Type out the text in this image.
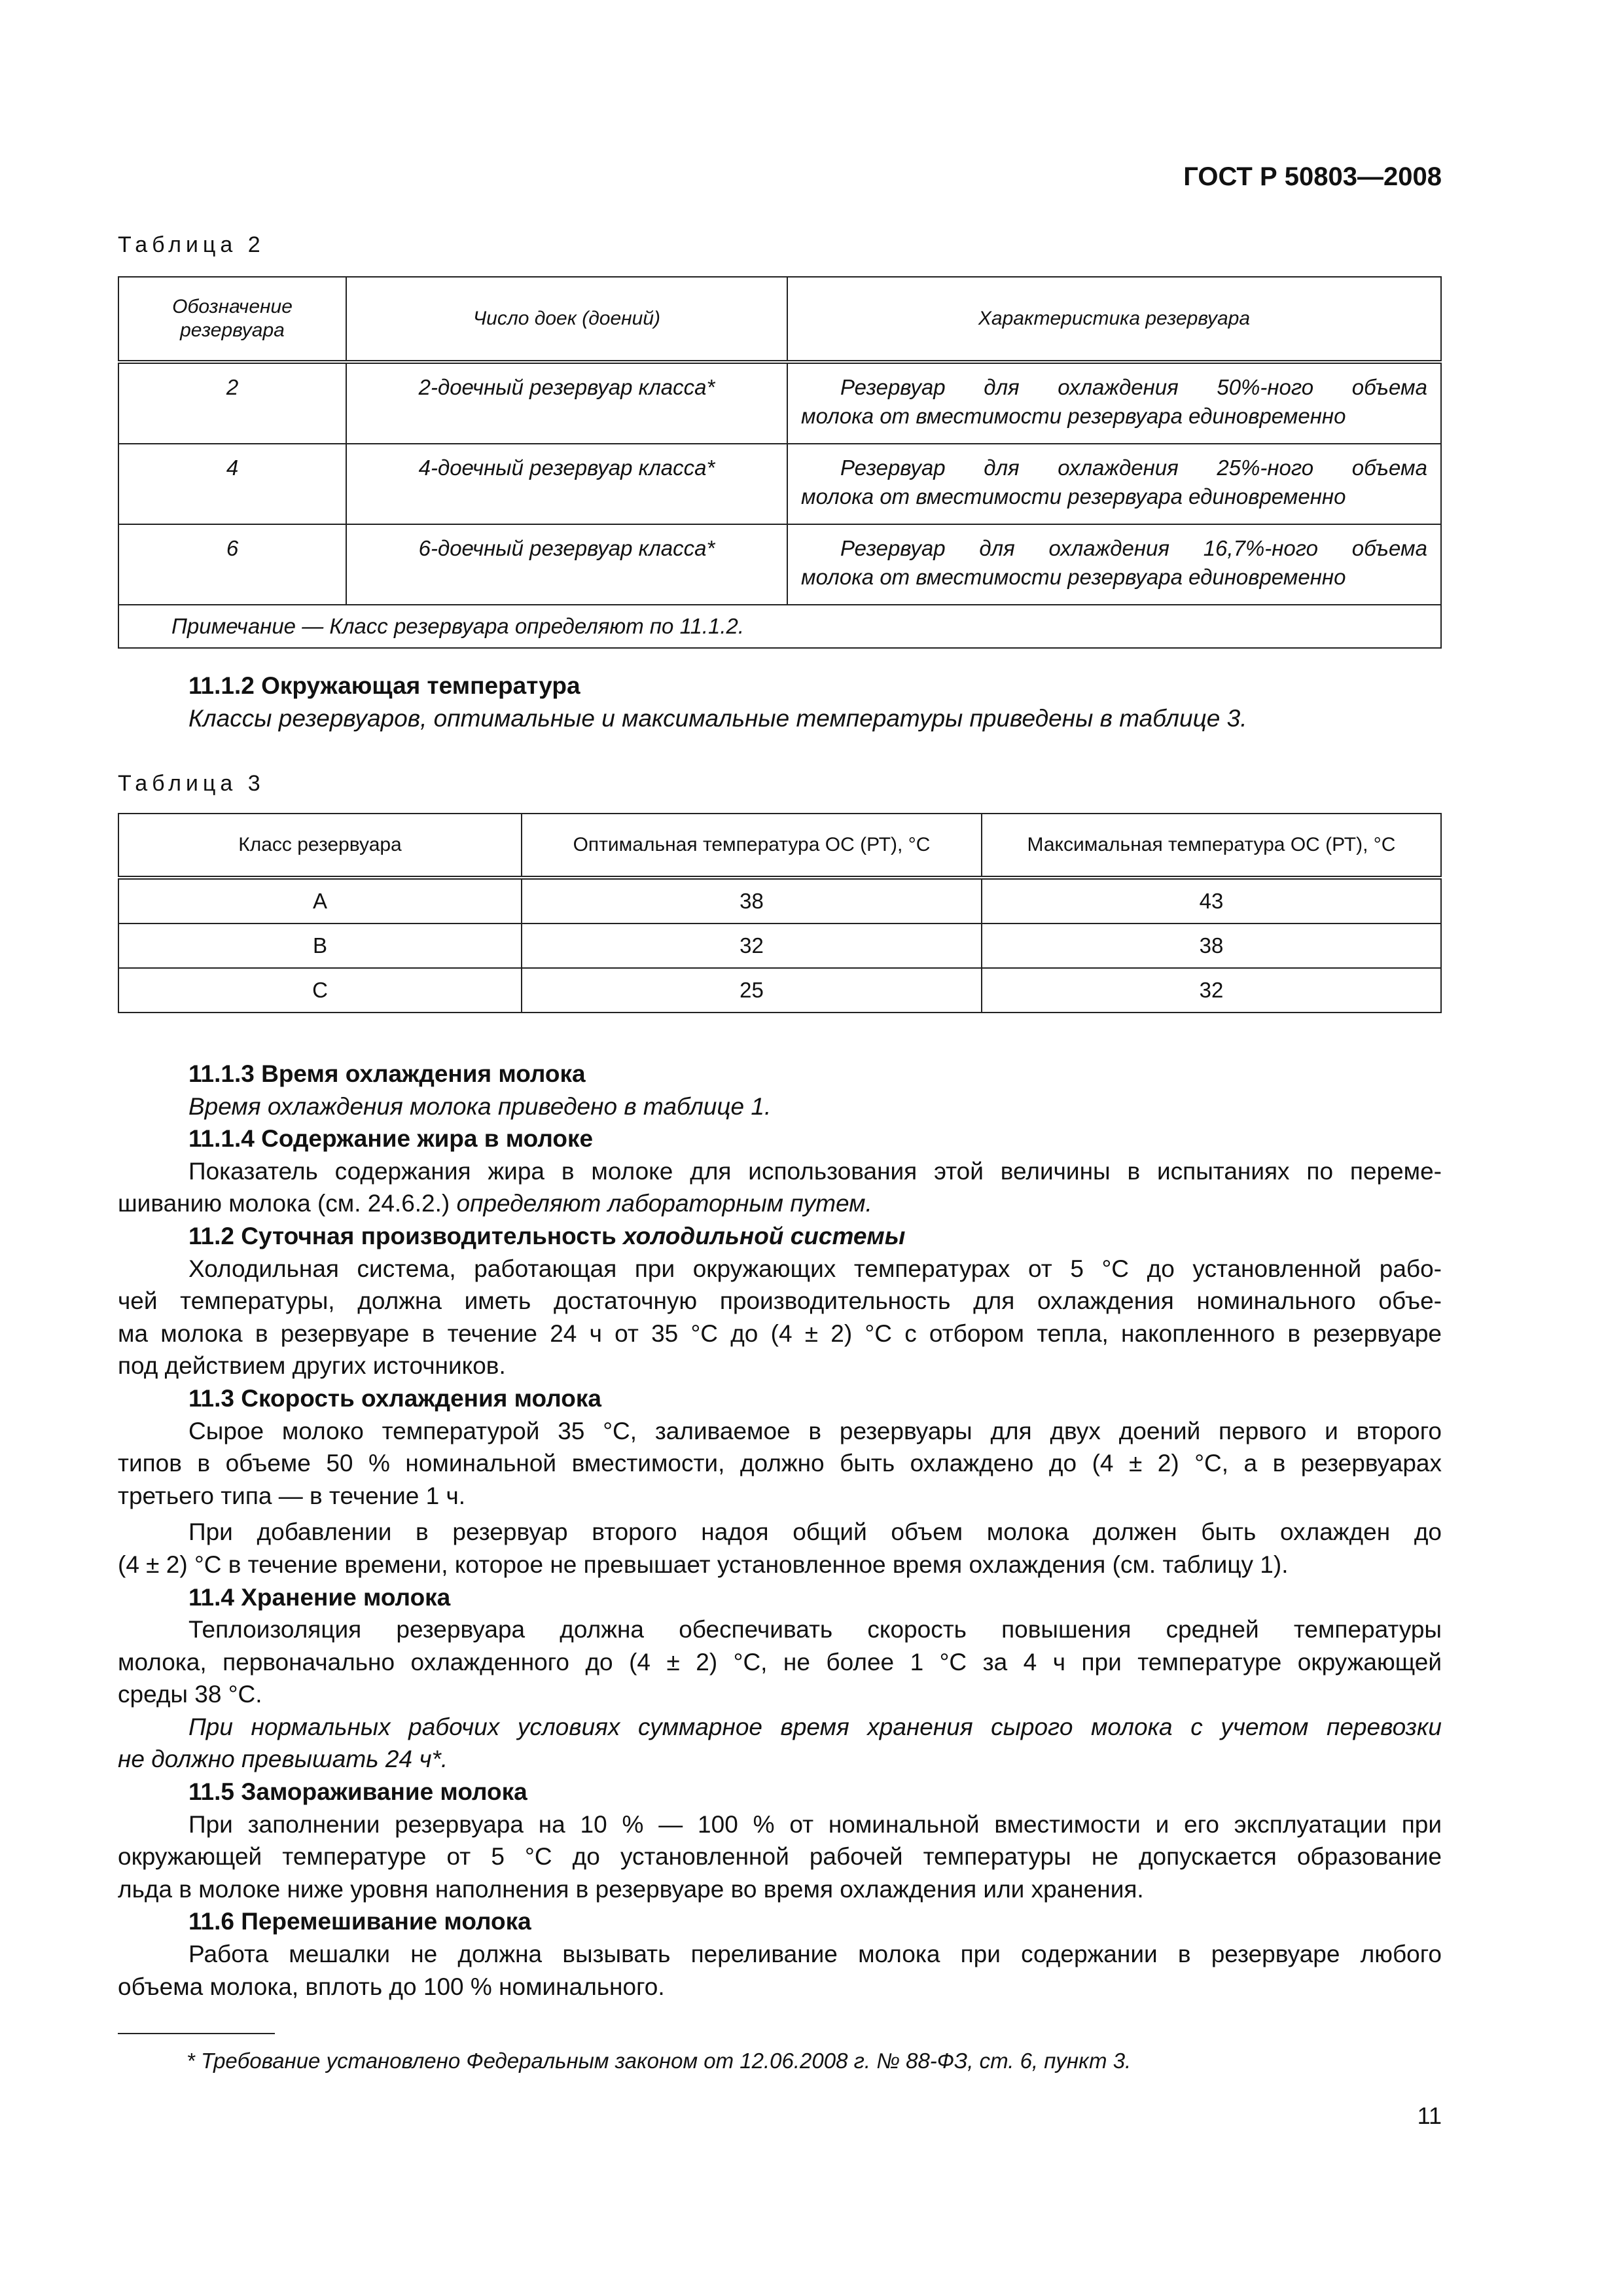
ГОСТ Р 50803—2008
Таблица 2
Обозначение резервуара	Число доек (доений)	Характеристика резервуара
2	2-доечный резервуар класса*	Резервуар для охлаждения 50%-ного объема
молока от вместимости резервуара единовременно

4	4-доечный резервуар класса*	Резервуар для охлаждения 25%-ного объема
молока от вместимости резервуара единовременно

6	6-доечный резервуар класса*	Резервуар для охлаждения 16,7%-ного объема
молока от вместимости резервуара единовременно

Примечание — Класс резервуара определяют по 11.1.2.		
11.1.2 Окружающая температура
Классы резервуаров, оптимальные и максимальные температуры приведены в таблице 3.
Таблица 3
Класс резервуара	Оптимальная температура ОС (РТ), °С	Максимальная температура ОС (РТ), °С
A	38	43
B	32	38
C	25	32
11.1.3 Время охлаждения молока
Время охлаждения молока приведено в таблице 1.
11.1.4 Содержание жира в молоке
Показатель содержания жира в молоке для использования этой величины в испытаниях по переме-
шиванию молока (см. 24.6.2.) определяют лабораторным путем.
11.2 Суточная производительность холодильной системы
Холодильная система, работающая при окружающих температурах от 5 °С до установленной рабо-
чей температуры, должна иметь достаточную производительность для охлаждения номинального объе-
ма молока в резервуаре в течение 24 ч от 35 °С до (4 ± 2) °С с отбором тепла, накопленного в резервуаре
под действием других источников.
11.3 Скорость охлаждения молока
Сырое молоко температурой 35 °С, заливаемое в резервуары для двух доений первого и второго
типов в объеме 50 % номинальной вместимости, должно быть охлаждено до (4 ± 2) °С, а в резервуарах
третьего типа — в течение 1 ч.
При добавлении в резервуар второго надоя общий объем молока должен быть охлажден до
(4 ± 2) °С в течение времени, которое не превышает установленное время охлаждения (см. таблицу 1).
11.4 Хранение молока
Теплоизоляция резервуара должна обеспечивать скорость повышения средней температуры
молока, первоначально охлажденного до (4 ± 2) °С, не более 1 °С за 4 ч при температуре окружающей
среды 38 °С.
При нормальных рабочих условиях суммарное время хранения сырого молока с учетом перевозки
не должно превышать 24 ч*.
11.5 Замораживание молока
При заполнении резервуара на 10 % — 100 % от номинальной вместимости и его эксплуатации при
окружающей температуре от 5 °С до установленной рабочей температуры не допускается образование
льда в молоке ниже уровня наполнения в резервуаре во время охлаждения или хранения.
11.6 Перемешивание молока
Работа мешалки не должна вызывать переливание молока при содержании в резервуаре любого
объема молока, вплоть до 100 % номинального.
* Требование установлено Федеральным законом от 12.06.2008 г. № 88-ФЗ, ст. 6, пункт 3.
11
